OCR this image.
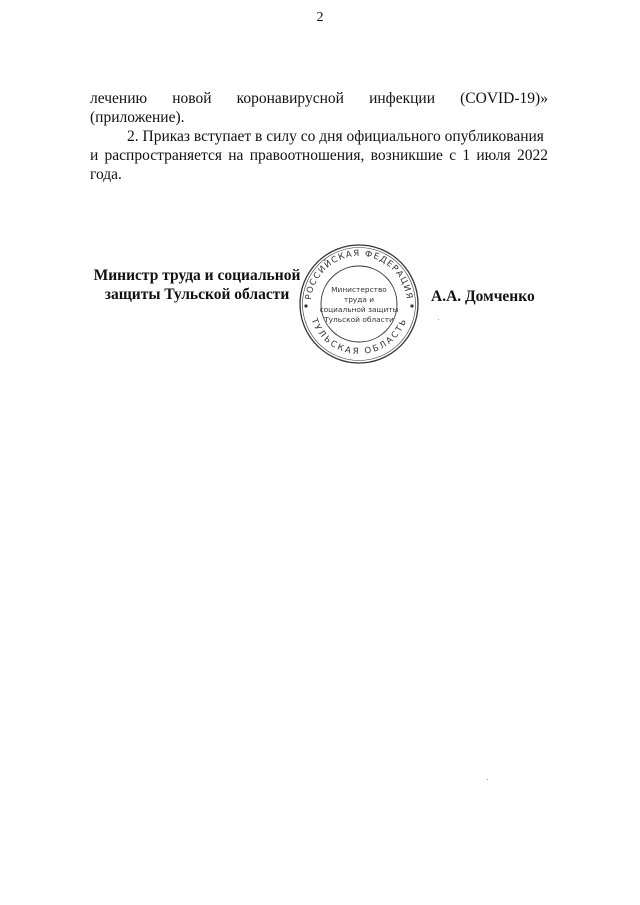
2
лечению новой коронавирусной инфекции (COVID-19)»
(приложение).
2. Приказ вступает в силу со дня официального опубликования
и распространяется на правоотношения, возникшие с 1 июля 2022
года.
Министр труда и социальной
защиты Тульской области	РОССИЙСКАЯ ФЕДЕРАЦИЯ
ТУЛЬСКАЯ ОБЛАСТЬ
Министерство
труда и
социальной защиты
Тульской области
А.А. Домченко
